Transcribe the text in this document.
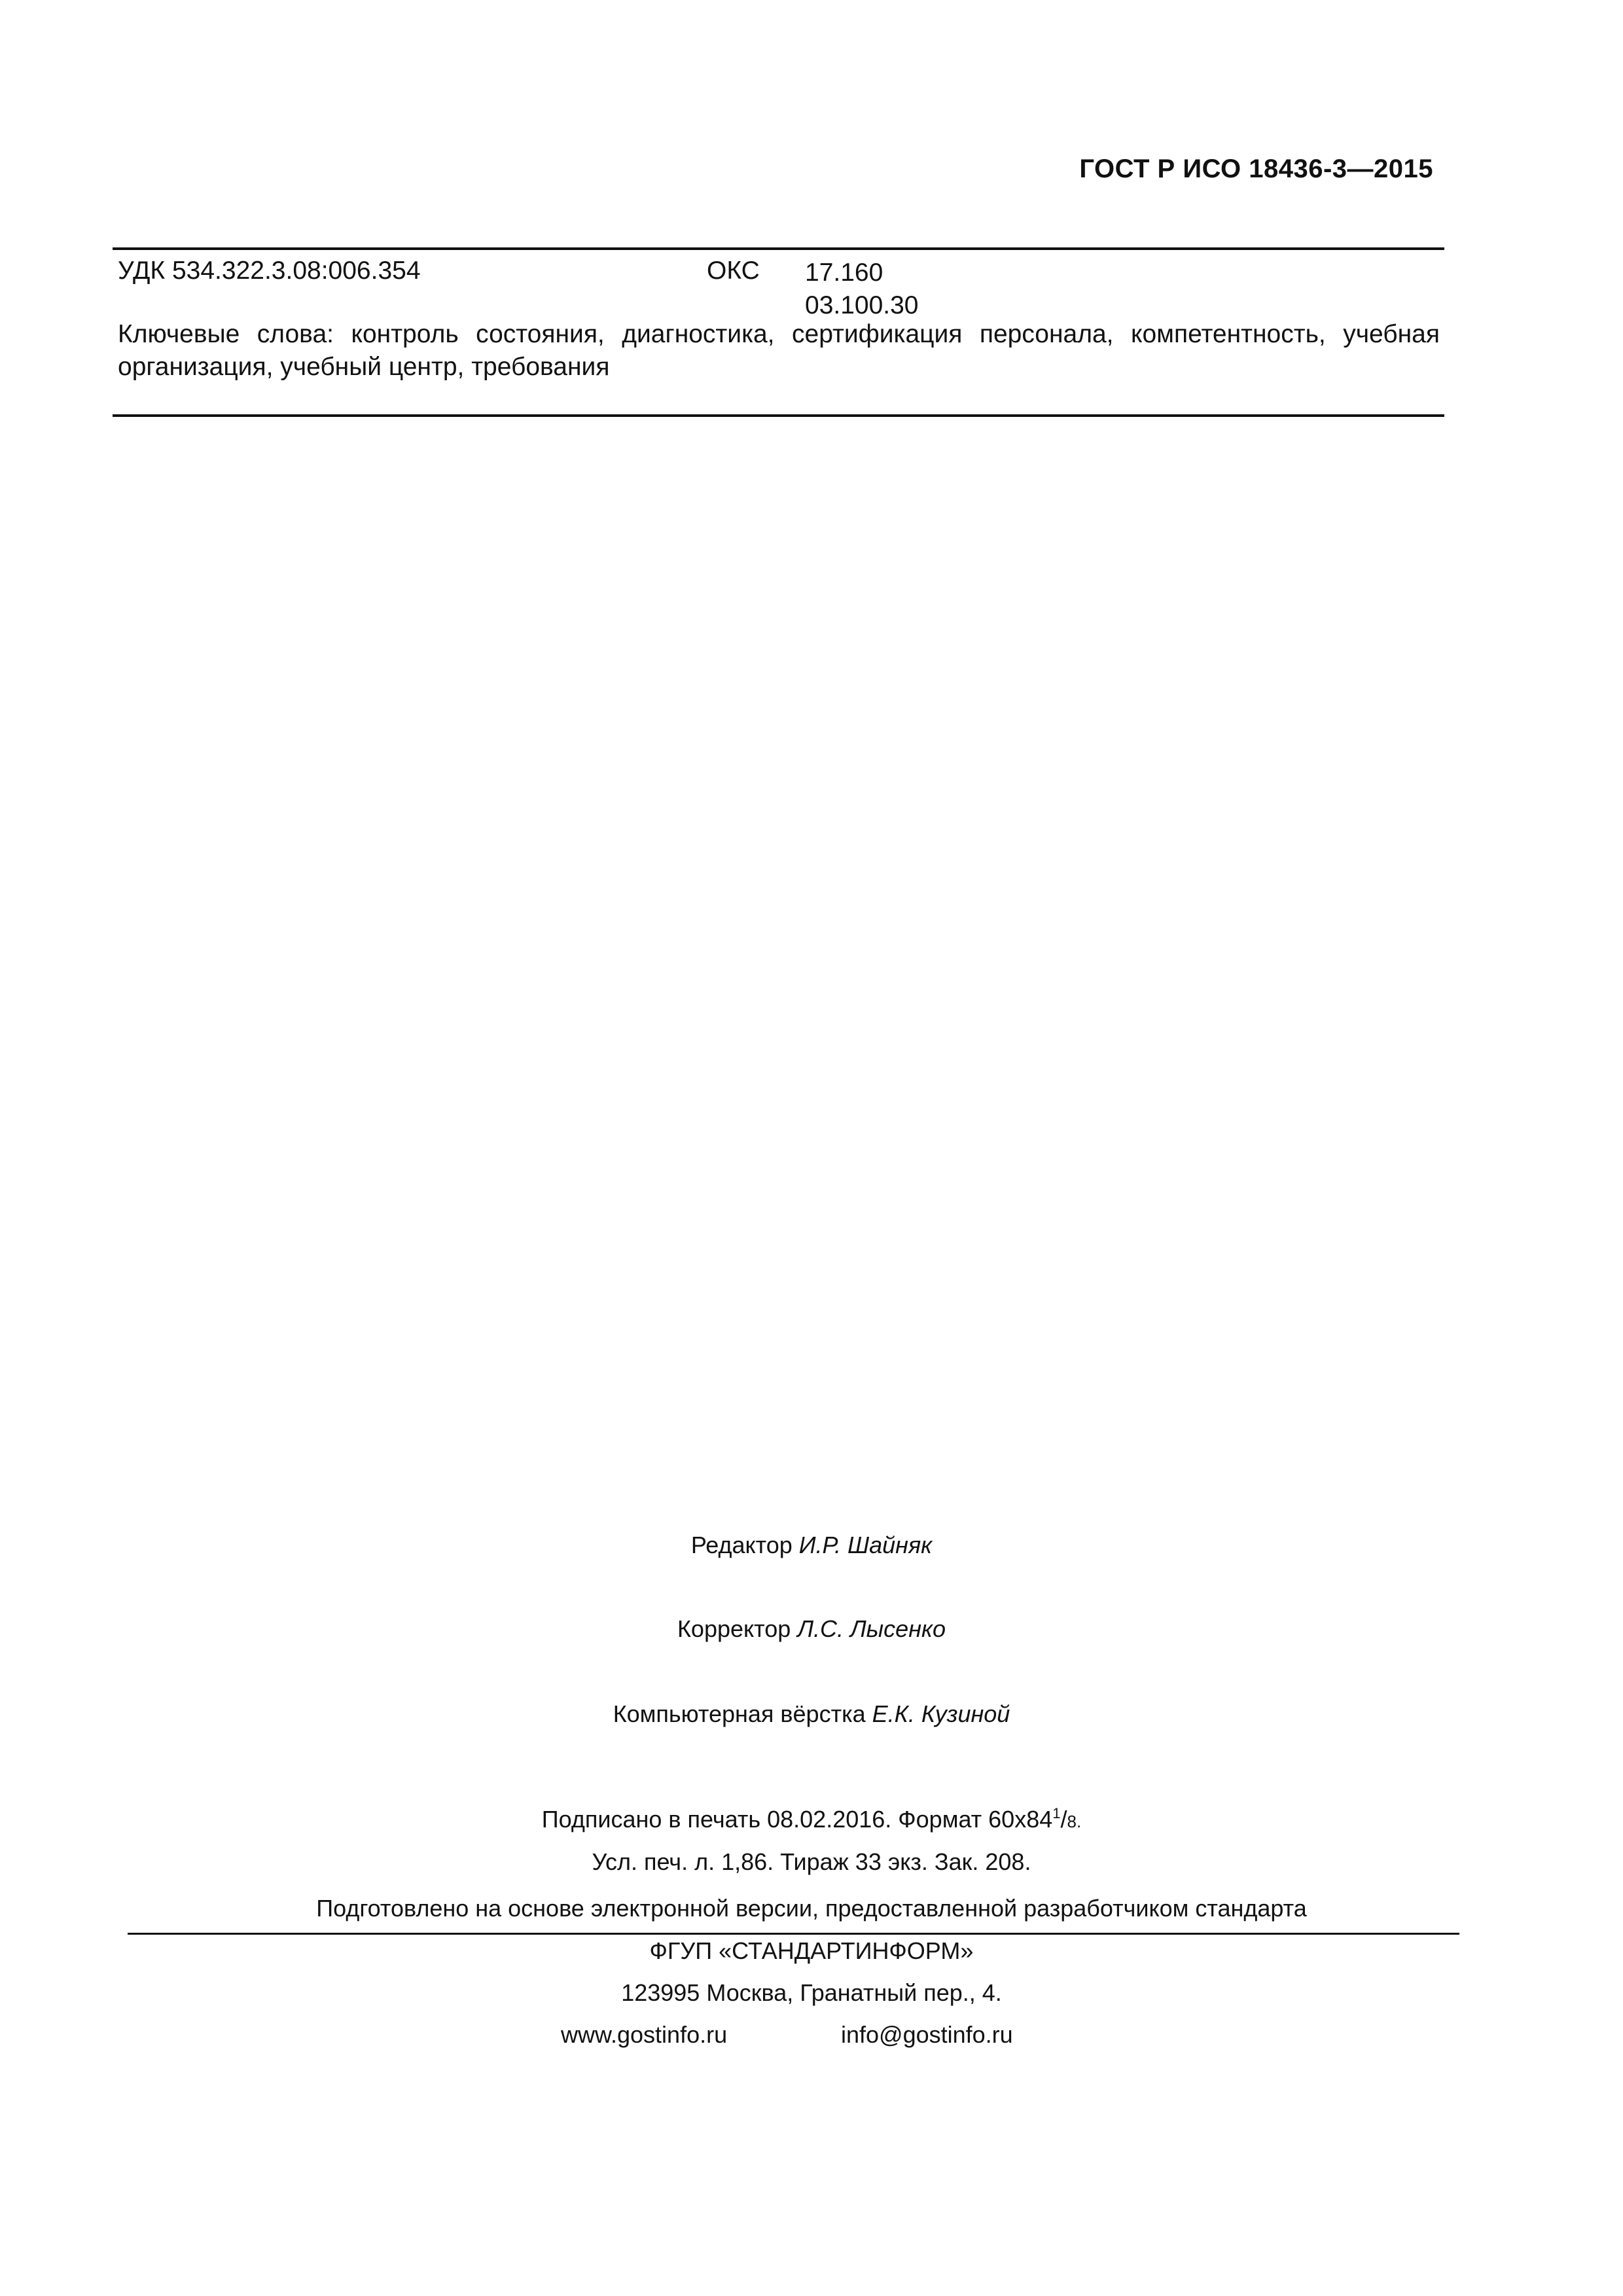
ГОСТ Р ИСО 18436-3—2015
УДК 534.322.3.08:006.354	ОКС 17.160
03.100.30
Ключевые слова: контроль состояния, диагностика, сертификация персонала, компетентность, учебная организация, учебный центр, требования
Редактор И.Р. Шайняк
Корректор Л.С. Лысенко
Компьютерная вёрстка Е.К. Кузиной
Подписано в печать 08.02.2016. Формат $60x84^1/8$.
Усл. печ. л. 1,86. Тираж 33 экз. Зак. 208.
Подготовлено на основе электронной версии, предоставленной разработчиком стандарта
ФГУП «СТАНДАРТИНФОРМ»
123995 Москва, Гранатный пер., 4.
www.gostinfo.ru	info@gostinfo.ru
